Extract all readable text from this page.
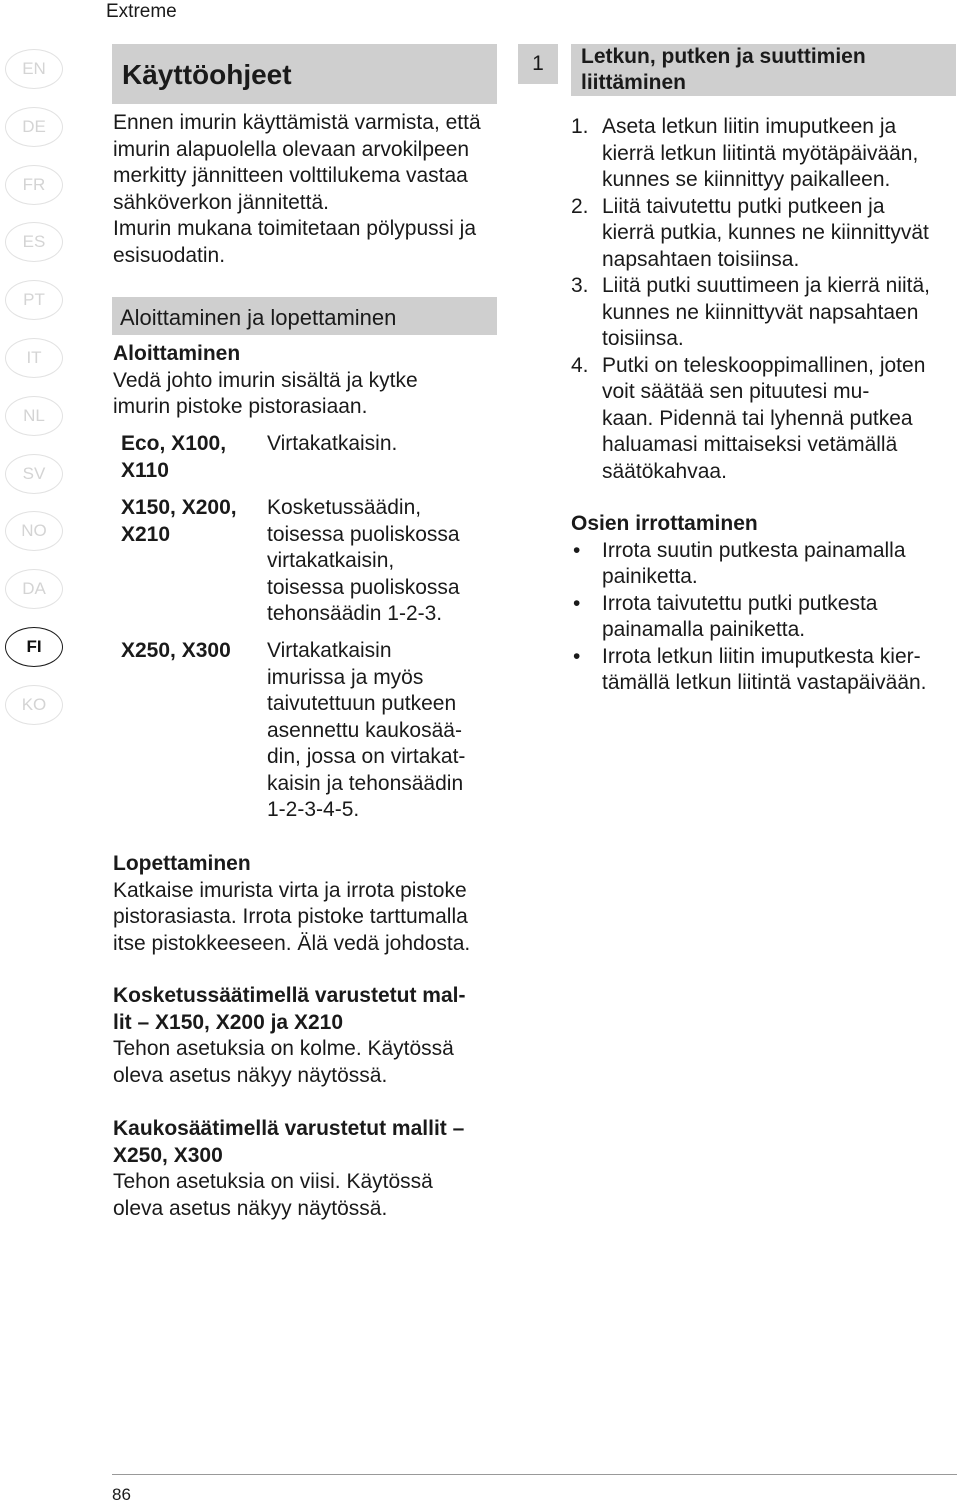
Extreme
EN
DE
FR
ES
PT
IT
NL
SV
NO
DA
FI
KO
Käyttöohjeet

Ennen imurin käyttämistä varmista, että

imurin alapuolella olevaan arvokilpeen

merkitty jännitteen volttilukema vastaa

sähköverkon jännitettä.

Imurin mukana toimitetaan pölypussi ja

esisuodatin.

Aloittaminen ja lopettaminen

Aloittaminen

Vedä johto imurin sisältä ja kytke

imurin pistoke pistorasiaan.

Eco, X100,
X110
Virtakatkaisin.
X150, X200,
X210
Kosketussäädin,
toisessa puoliskossa
virtakatkaisin,
toisessa puoliskossa
tehonsäädin 1-2-3.
X250, X300	Virtakatkaisin
imurissa ja myös
taivutettuun putkeen
asennettu kaukosää-
din, jossa on virtakat-
kaisin ja tehonsäädin
1-2-3-4-5.

Lopettaminen

Katkaise imurista virta ja irrota pistoke

pistorasiasta. Irrota pistoke tarttumalla

itse pistokkeeseen. Älä vedä johdosta.

Kosketussäätimellä varustetut mal-

lit – X150, X200 ja X210

Tehon asetuksia on kolme. Käytössä

oleva asetus näkyy näytössä.

Kaukosäätimellä varustetut mallit –

X250, X300

Tehon asetuksia on viisi. Käytössä

oleva asetus näkyy näytössä.

1	Letkun, putken ja suuttimien
liittäminen
1. Aseta letkun liitin imuputkeen ja

kierrä letkun liitintä myötäpäivään,

kunnes se kiinnittyy paikalleen.

2. Liitä taivutettu putki putkeen ja

kierrä putkia, kunnes ne kiinnittyvät

napsahtaen toisiinsa.

3. Liitä putki suuttimeen ja kierrä niitä,

kunnes ne kiinnittyvät napsahtaen

toisiinsa.

4. Putki on teleskooppimallinen, joten

voit säätää sen pituutesi mu-

kaan. Pidennä tai lyhennä putkea

haluamasi mittaiseksi vetämällä

säätökahvaa.

Osien irrottaminen

• Irrota suutin putkesta painamalla

painiketta.

• Irrota taivutettu putki putkesta

painamalla painiketta.

• Irrota letkun liitin imuputkesta kier-

tämällä letkun liitintä vastapäivään.

86
